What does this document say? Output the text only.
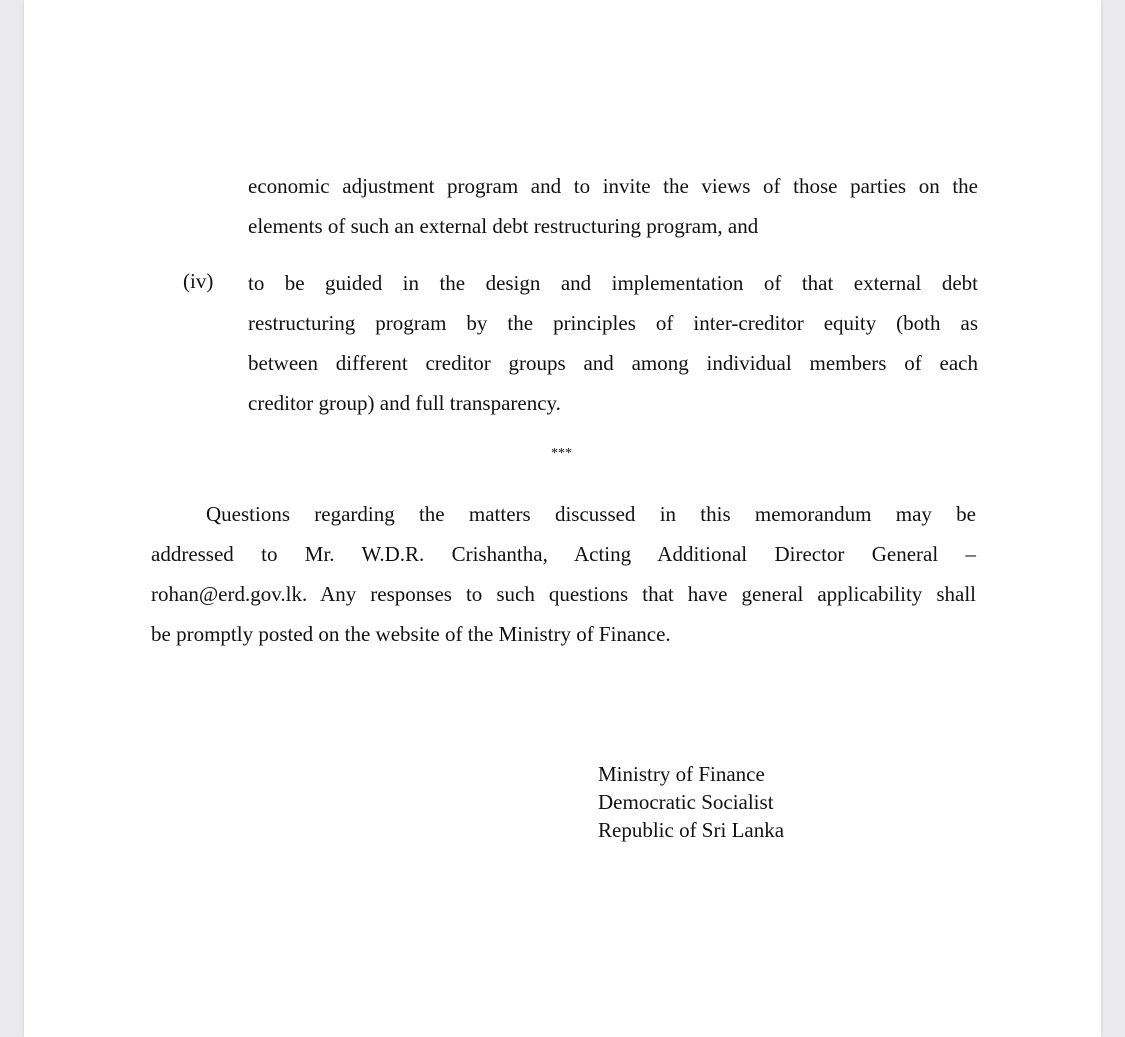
economic adjustment program and to invite the views of those parties on the
elements of such an external debt restructuring program, and
(iv) to be guided in the design and implementation of that external debt
restructuring program by the principles of inter-creditor equity (both as
between different creditor groups and among individual members of each
creditor group) and full transparency.
***
Questions regarding the matters discussed in this memorandum may be
addressed to Mr. W.D.R. Crishantha, Acting Additional Director General –
rohan@erd.gov.lk. Any responses to such questions that have general applicability shall
be promptly posted on the website of the Ministry of Finance.
Ministry of Finance
Democratic Socialist
Republic of Sri Lanka
